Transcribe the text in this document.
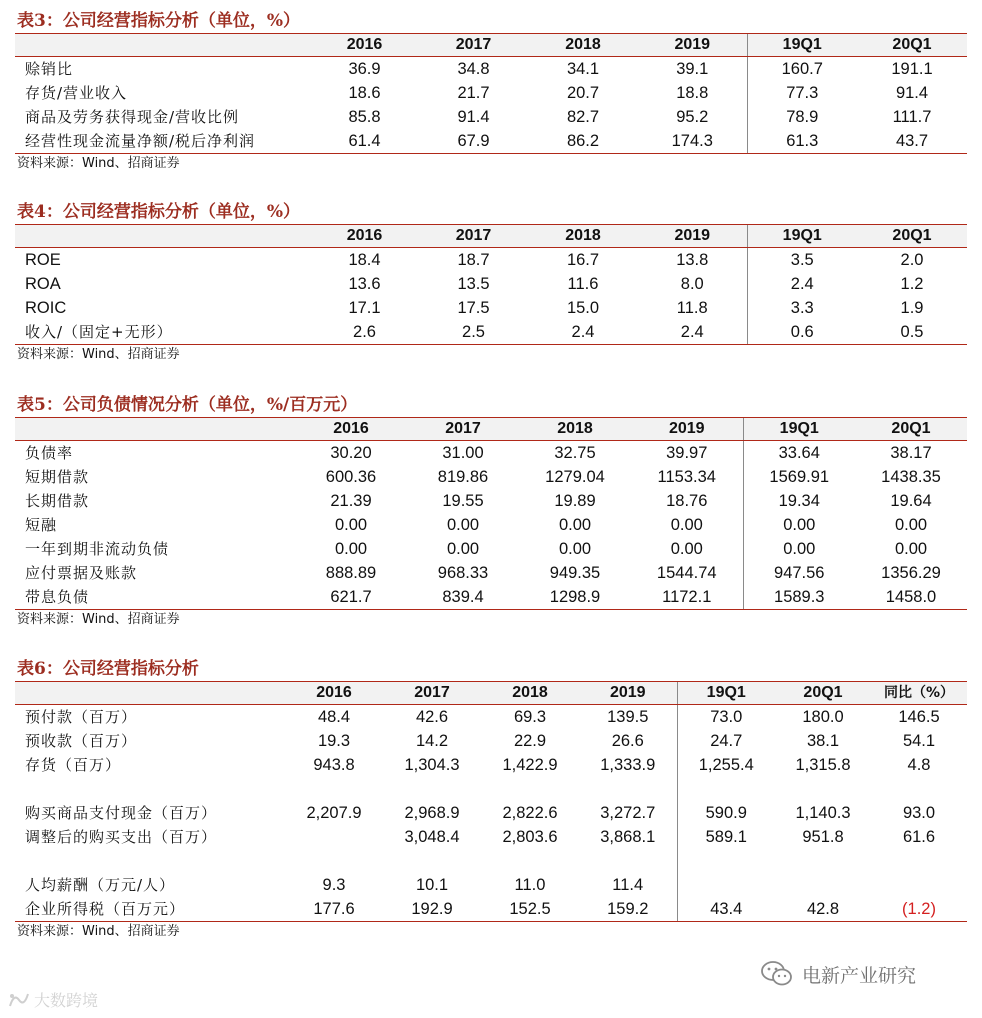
表3：公司经营指标分析（单位，%）
	2016	2017	2018	2019	19Q1	20Q1
赊销比	36.9	34.8	34.1	39.1	160.7	191.1
存货/营业收入	18.6	21.7	20.7	18.8	77.3	91.4
商品及劳务获得现金/营收比例	85.8	91.4	82.7	95.2	78.9	111.7
经营性现金流量净额/税后净利润	61.4	67.9	86.2	174.3	61.3	43.7
资料来源：Wind、招商证券
表4：公司经营指标分析（单位，%）
	2016	2017	2018	2019	19Q1	20Q1
ROE	18.4	18.7	16.7	13.8	3.5	2.0
ROA	13.6	13.5	11.6	8.0	2.4	1.2
ROIC	17.1	17.5	15.0	11.8	3.3	1.9
收入/（固定+无形）	2.6	2.5	2.4	2.4	0.6	0.5
资料来源：Wind、招商证券
表5：公司负债情况分析（单位，%/百万元）
	2016	2017	2018	2019	19Q1	20Q1
负债率	30.20	31.00	32.75	39.97	33.64	38.17
短期借款	600.36	819.86	1279.04	1153.34	1569.91	1438.35
长期借款	21.39	19.55	19.89	18.76	19.34	19.64
短融	0.00	0.00	0.00	0.00	0.00	0.00
一年到期非流动负债	0.00	0.00	0.00	0.00	0.00	0.00
应付票据及账款	888.89	968.33	949.35	1544.74	947.56	1356.29
带息负债	621.7	839.4	1298.9	1172.1	1589.3	1458.0
资料来源：Wind、招商证券
表6：公司经营指标分析
	2016	2017	2018	2019	19Q1	20Q1	同比（%）
预付款（百万）	48.4	42.6	69.3	139.5	73.0	180.0	146.5
预收款（百万）	19.3	14.2	22.9	26.6	24.7	38.1	54.1
存货（百万）	943.8	1,304.3	1,422.9	1,333.9	1,255.4	1,315.8	4.8

购买商品支付现金（百万）	2,207.9	2,968.9	2,822.6	3,272.7	590.9	1,140.3	93.0
调整后的购买支出（百万）		3,048.4	2,803.6	3,868.1	589.1	951.8	61.6

人均薪酬（万元/人）	9.3	10.1	11.0	11.4			
企业所得税（百万元）	177.6	192.9	152.5	159.2	43.4	42.8	(1.2)
资料来源：Wind、招商证券
电新产业研究
大数跨境
